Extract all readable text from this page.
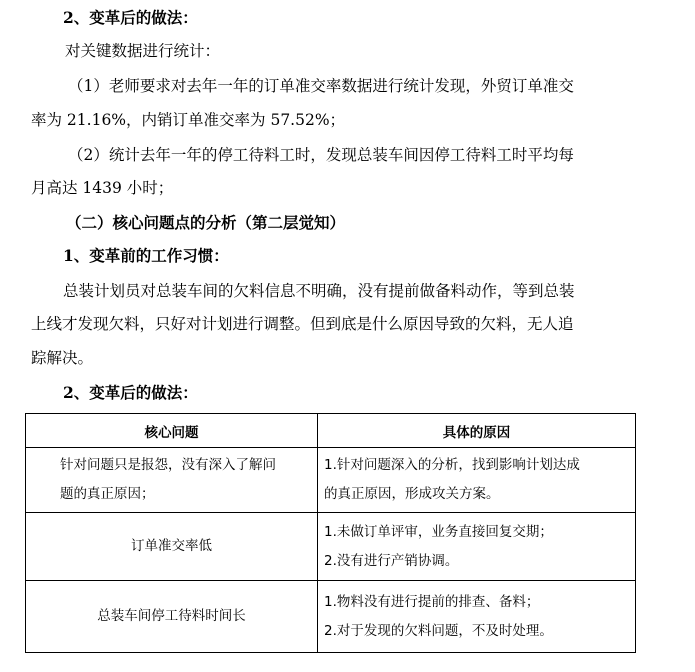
2、变革后的做法：
对关键数据进行统计：
（1）老师要求对去年一年的订单准交率数据进行统计发现，外贸订单准交
率为 21.16%，内销订单准交率为 57.52%；
（2）统计去年一年的停工待料工时，发现总装车间因停工待料工时平均每
月高达 1439 小时；
（二）核心问题点的分析（第二层觉知）
1、变革前的工作习惯：
总装计划员对总装车间的欠料信息不明确，没有提前做备料动作，等到总装
上线才发现欠料，只好对计划进行调整。但到底是什么原因导致的欠料，无人追
踪解决。
2、变革后的做法：
核心问题	具体的原因

针对问题只是报怨，没有深入了解问
题的真正原因；	1.针对问题深入的分析，找到影响计划达成
的真正原因，形成攻关方案。

订单准交率低	1.未做订单评审，业务直接回复交期；
2.没有进行产销协调。

总装车间停工待料时间长	1.物料没有进行提前的排查、备料；
2.对于发现的欠料问题，不及时处理。
